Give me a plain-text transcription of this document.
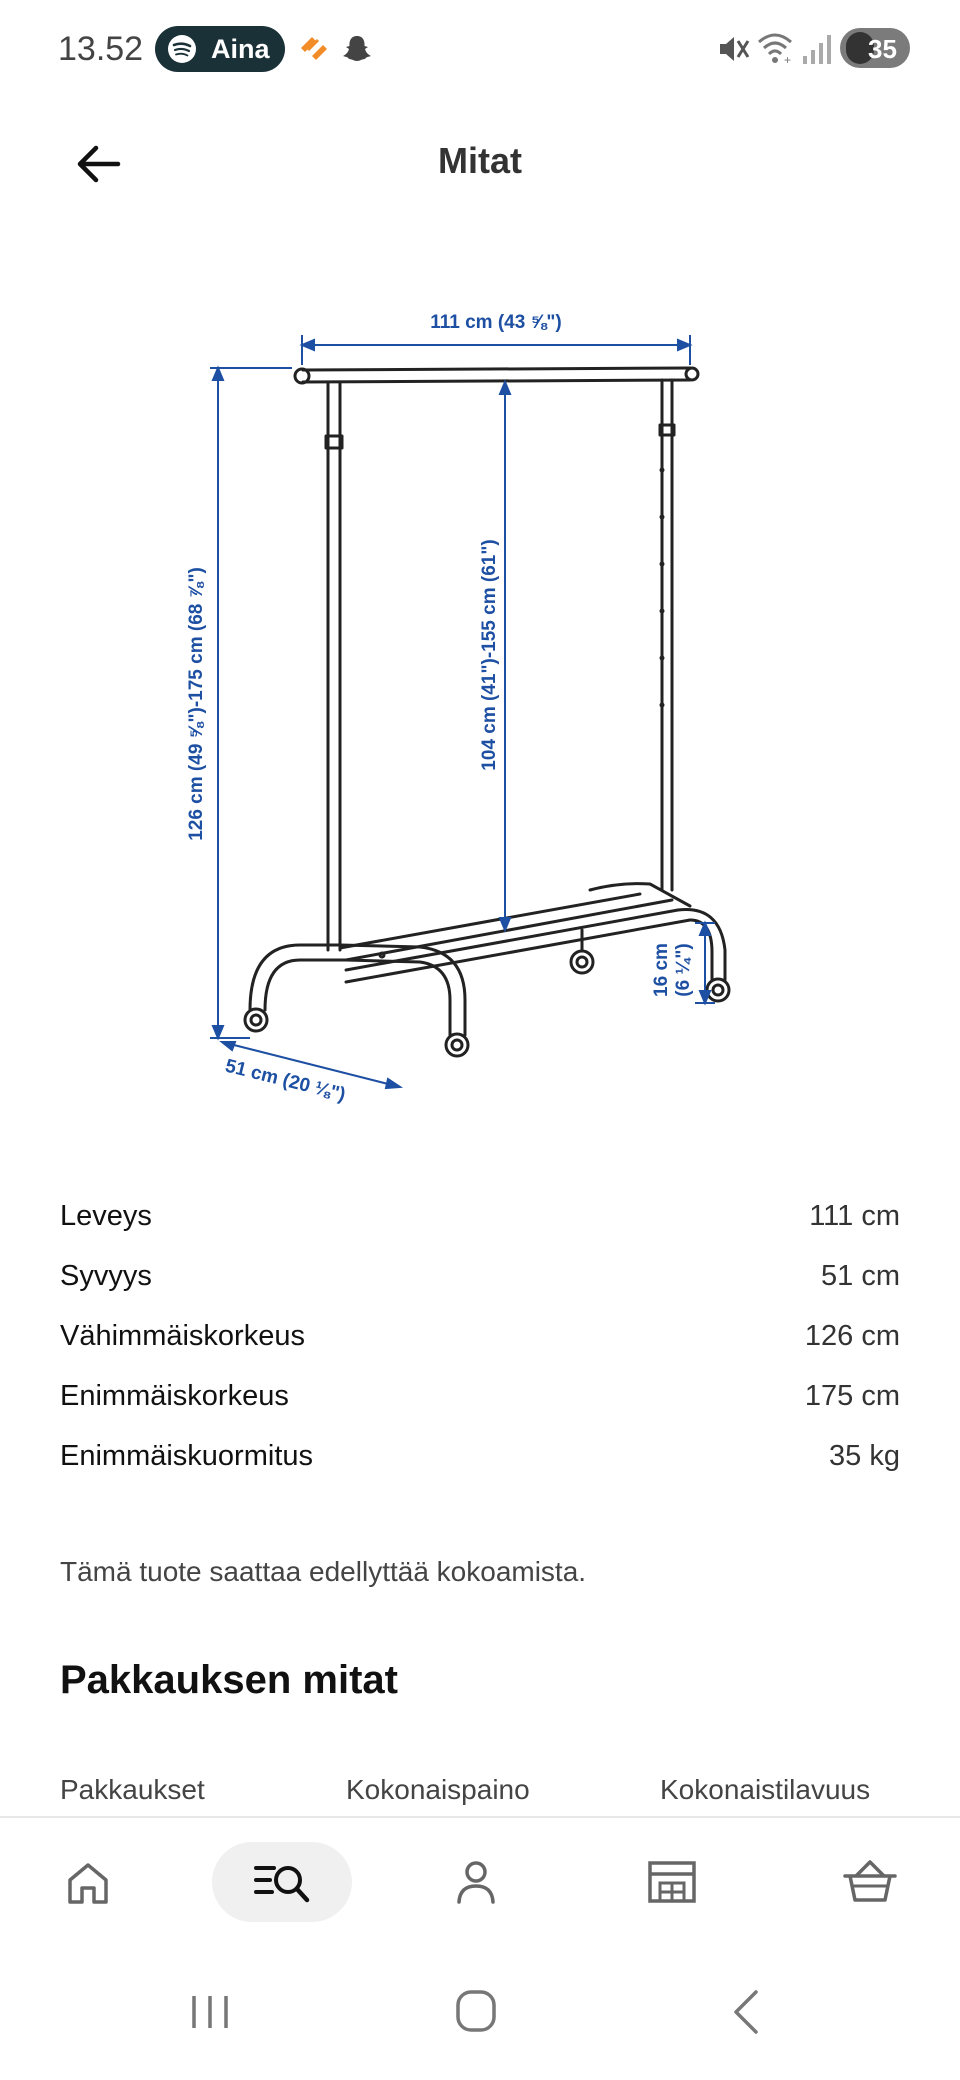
13.52	Aina	+	35
Mitat
111 cm (43 ⅝")
126 cm (49 ⅝")-175 cm (68 ⅞")	104 cm (41")-155 cm (61")
16 cm (6 ¼")
51 cm (20 ⅛")
Leveys	111 cm
Syvyys	51 cm
Vähimmäiskorkeus	126 cm
Enimmäiskorkeus	175 cm
Enimmäiskuormitus	35 kg
Tämä tuote saattaa edellyttää kokoamista.
Pakkauksen mitat
Pakkaukset	Kokonaispaino	Kokonaistilavuus
